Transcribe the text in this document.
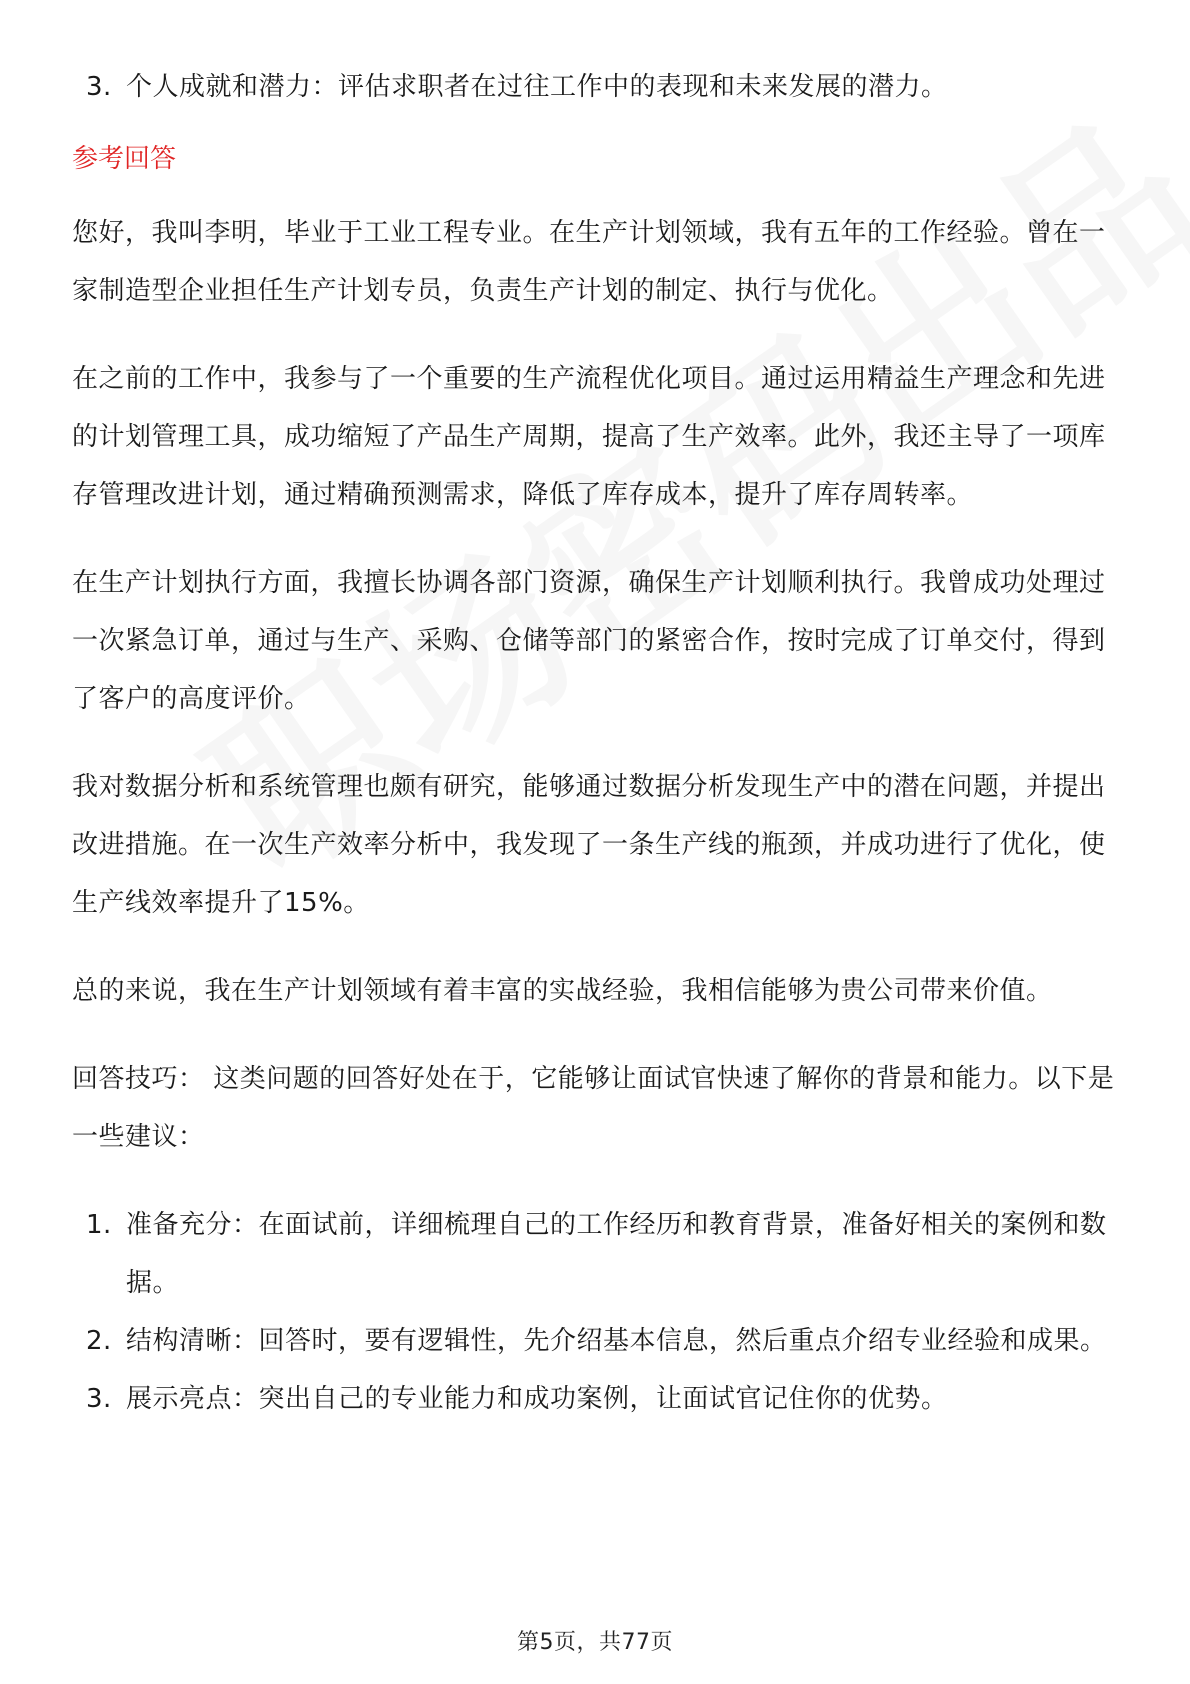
3. 个人成就和潜力：评估求职者在过往工作中的表现和未来发展的潜力。
参考回答

您好，我叫李明，毕业于工业工程专业。在生产计划领域，我有五年的工作经验。曾在一家制造型企业担任生产计划专员，负责生产计划的制定、执行与优化。

在之前的工作中，我参与了一个重要的生产流程优化项目。通过运用精益生产理念和先进的计划管理工具，成功缩短了产品生产周期，提高了生产效率。此外，我还主导了一项库存管理改进计划，通过精确预测需求，降低了库存成本，提升了库存周转率。

在生产计划执行方面，我擅长协调各部门资源，确保生产计划顺利执行。我曾成功处理过一次紧急订单，通过与生产、采购、仓储等部门的紧密合作，按时完成了订单交付，得到了客户的高度评价。

我对数据分析和系统管理也颇有研究，能够通过数据分析发现生产中的潜在问题，并提出改进措施。在一次生产效率分析中，我发现了一条生产线的瓶颈，并成功进行了优化，使生产线效率提升了15%。

总的来说，我在生产计划领域有着丰富的实战经验，我相信能够为贵公司带来价值。

回答技巧： 这类问题的回答好处在于，它能够让面试官快速了解你的背景和能力。以下是一些建议：

1. 准备充分：在面试前，详细梳理自己的工作经历和教育背景，准备好相关的案例和数据。
2. 结构清晰：回答时，要有逻辑性，先介绍基本信息，然后重点介绍专业经验和成果。
3. 展示亮点：突出自己的专业能力和成功案例，让面试官记住你的优势。
第5页，共77页
